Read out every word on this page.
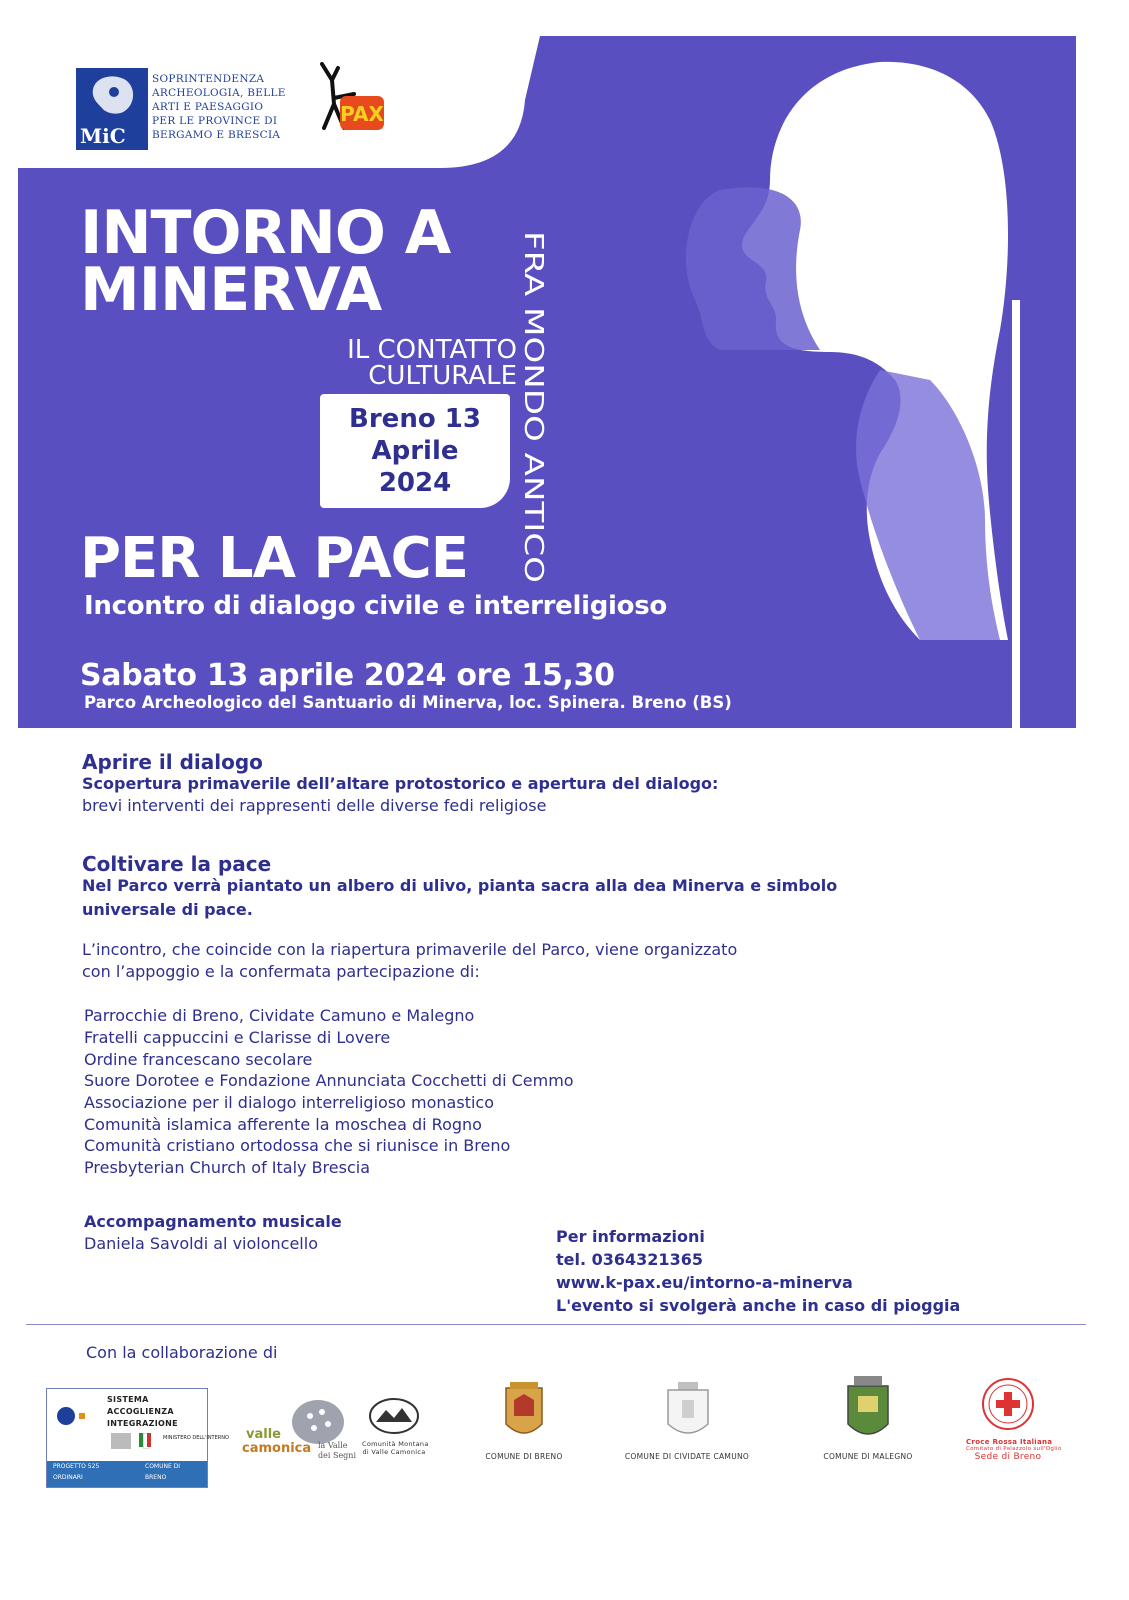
MiC
SOPRINTENDENZA
ARCHEOLOGIA, BELLE
ARTI E PAESAGGIO
PER LE PROVINCE DI
BERGAMO E BRESCIA
PAX
INTORNO A
MINERVA
IL CONTATTO
CULTURALE
Breno 13
Aprile
2024	FRA MONDO ANTICO
PER LA PACE
Incontro di dialogo civile e interreligioso
Sabato 13 aprile 2024 ore 15,30
Parco Archeologico del Santuario di Minerva, loc. Spinera. Breno (BS)
Aprire il dialogo
Scopertura primaverile dell’altare protostorico e apertura del dialogo:
brevi interventi dei rappresenti delle diverse fedi religiose
Coltivare la pace
Nel Parco verrà piantato un albero di ulivo, pianta sacra alla dea Minerva e simbolo
universale di pace.
L’incontro, che coincide con la riapertura primaverile del Parco, viene organizzato
con l’appoggio e la confermata partecipazione di:
Parrocchie di Breno, Cividate Camuno e Malegno
Fratelli cappuccini e Clarisse di Lovere
Ordine francescano secolare
Suore Dorotee e Fondazione Annunciata Cocchetti di Cemmo
Associazione per il dialogo interreligioso monastico
Comunità islamica afferente la moschea di Rogno
Comunità cristiano ortodossa che si riunisce in Breno
Presbyterian Church of Italy Brescia
Accompagnamento musicale
Daniela Savoldi al violoncello	Per informazioni
tel. 0364321365
www.k-pax.eu/intorno-a-minerva
L'evento si svolgerà anche in caso di pioggia
Con la collaborazione di
SISTEMA
ACCOGLIENZA
INTEGRAZIONE
MINISTERO DELL'INTERNO
PROGETTO 525
ORDINARI
COMUNE DI
BRENO
valle
camonica la Valle
dei Segni
Comunità Montana
di Valle Camonica	COMUNE DI BRENO	COMUNE DI CIVIDATE CAMUNO	COMUNE DI MALEGNO
Croce Rossa Italiana
Comitato di Palazzolo sull'Oglio
Sede di Breno
